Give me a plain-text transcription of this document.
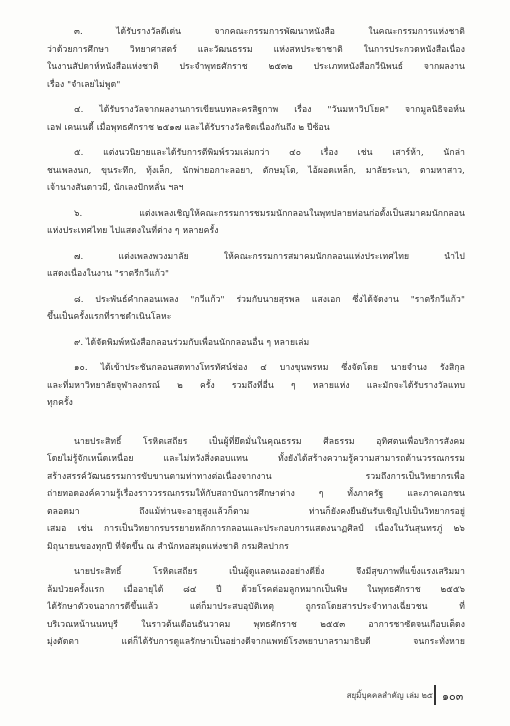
๓. ได้รับรางวัลดีเด่น จากคณะกรรมการพัฒนาหนังสือ ในคณะกรรมการแห่งชาติ
ว่าด้วยการศึกษา วิทยาศาสตร์ และวัฒนธรรม แห่งสหประชาชาติ ในการประกวดหนังสือเนื่อง
ในงานสัปดาห์หนังสือแห่งชาติ ประจำพุทธศักราช ๒๕๓๒ ประเภทหนังสือกวีนิพนธ์ จากผลงาน
เรื่อง "จำเลยไม่พูด"
๔. ได้รับรางวัลจากผลงานการเขียนบทละครสิฐกาพ เรื่อง "วันมหาวิปโยค" จากมูลนิธิจอห์น
เอฟ เคนเนดี้ เมื่อพุทธศักราช ๒๕๑๗ และได้รับรางวัลชิดเนื่องกันถึง ๒ ปีซ้อน
๕. แต่งนวนิยายและได้รับการตีพิมพ์รวมเล่มกว่า ๔๐ เรื่อง เช่น เสาร์ห้า, นักล่า
ชนเพลงนก, ขุนระทึก, ทุ้งเล็ก, นักพ่ายอกาะลอยา, ตักษมุโต, ไอ้ผอดเหล็ก, มาลัยระนา, ตามหาสาว,
เจ้านางสันดาวมี, นักเลงปักหลั่น ฯลฯ
๖. แต่งเพลงเชิญให้คณะกรรมการชมรมนักกลอนในพุทปลายท่อนก่อตั้งเป็นสมาคมนักกลอน
แห่งประเทศไทย ไปแสดงในที่ต่าง ๆ หลายครั้ง
๗. แต่งเพลงพวงมาลัย ให้คณะกรรมการสมาคมนักกลอนแห่งประเทศไทย นำไป
แสดงเนื่องในงาน "ราตรีกวีแก้ว"
๘. ประพันธ์คำกลอนเพลง "กวีแก้ว" ร่วมกับนายสุรพล แสงเอก ซึ่งได้จัดงาน "ราตรีกวีแก้ว"
ขึ้นเป็นครั้งแรกที่ราชดำเนินโลหะ
๙. ได้จัดพิมพ์หนังสือกลอนร่วมกับเพื่อนนักกลอนอื่น ๆ หลายเล่ม
๑๐. ได้เข้าประชันกลอนสดทางโทรทัศน์ช่อง ๔ บางขุนพรหม ซึ่งจัดโดย นายจำนง รังสิกุล
และที่มหาวิทยาลัยจุฬาลงกรณ์ ๒ ครั้ง รวมถึงที่อื่น ๆ หลายแห่ง และมักจะได้รับรางวัลแทบ
ทุกครั้ง
นายประสิทธิ์ โรหิตเสถียร เป็นผู้ที่ยึดมั่นในคุณธรรม ศีลธรรม อุทิศตนเพื่อบริการสังคม
โดยไม่รู้จักเหน็ดเหนื่อย และไม่หวังสิ่งตอบแทน ทั้งยังได้สร้างความรู้ความสามารถด้านวรรณกรรม
สร้างสรรค์วัฒนธรรมการขับขานตามท่าทางต่อเนื่องจากงาน รวมถึงการเป็นวิทยากรเพื่อ
ถ่ายทอดองค์ความรู้เรื่องราววรรณกรรมให้กับสถาบันการศึกษาต่าง ๆ ทั้งภาครัฐ และภาคเอกชน
ตลอดมา ถึงแม้ท่านจะอายุสูงแล้วก็ตาม ท่านก็ยังคงยืนยันรับเชิญไปเป็นวิทยากรอยู่
เสมอ เช่น การเป็นวิทยากรบรรยายหลักการกลอนและประกอบการแสดงนาฏศิลป์ เนื่องในวันสุนทรภู่ ๒๖
มิถุนายนของทุกปี ที่จัดขึ้น ณ สำนักหอสมุดแห่งชาติ กรมศิลปากร
นายประสิทธิ์ โรหิตเสถียร เป็นผู้ดูแลตนเองอย่างดียิ่ง จึงมีสุขภาพที่แข็งแรงเสริมมา
ล้มป่วยครั้งแรก เมื่ออายุได้ ๘๔ ปี ด้วยโรคต่อมลูกหมากเป็นพิษ ในพุทธศักราช ๒๕๕๖
ได้รักษาตัวจนอาการดีขึ้นแล้ว แต่ก็มาประสบอุบัติเหตุ ถูกรถโดยสารประจำทางเฉี่ยวชน ที่
บริเวณหน้านนทบุรี ในราวต้นเดือนธันวาคม พุทธศักราช ๒๕๕๓ อาการชาซัดจนเกือบเต็ดง
มุ่งตัดตา แต่ก็ได้รับการดูแลรักษาเป็นอย่างดีจากแพทย์โรงพยาบาลรามาธิบดี จนกระทั่งหาย
สยุมิ้บุคคลสำคัญ เล่ม ๒๕ ๑๐๓
